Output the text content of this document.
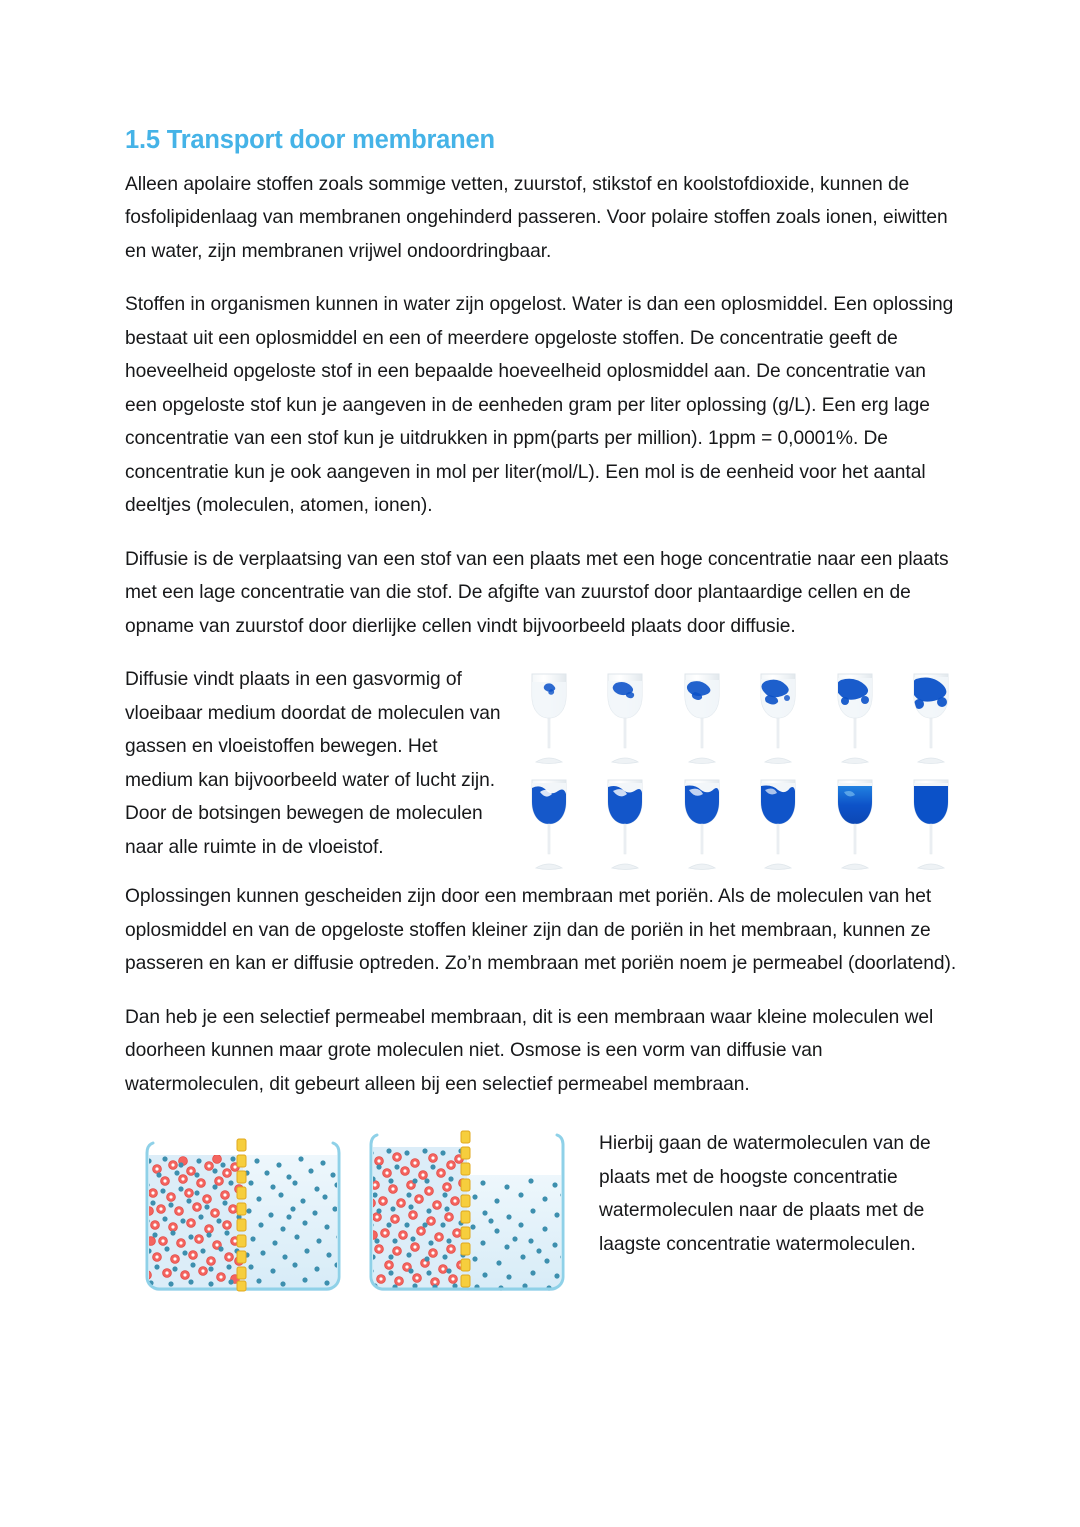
1.5 Transport door membranen

Alleen apolaire stoffen zoals sommige vetten, zuurstof, stikstof en koolstofdioxide, kunnen de fosfolipidenlaag van membranen ongehinderd passeren. Voor polaire stoffen zoals ionen, eiwitten en water, zijn membranen vrijwel ondoordringbaar.

Stoffen in organismen kunnen in water zijn opgelost. Water is dan een oplosmiddel. Een oplossing bestaat uit een oplosmiddel en een of meerdere opgeloste stoffen. De concentratie geeft de hoeveelheid opgeloste stof in een bepaalde hoeveelheid oplosmiddel aan. De concentratie van een opgeloste stof kun je aangeven in de eenheden gram per liter oplossing (g/L). Een erg lage concentratie van een stof kun je uitdrukken in ppm(parts per million). 1ppm = 0,0001%. De concentratie kun je ook aangeven in mol per liter(mol/L). Een mol is de eenheid voor het aantal deeltjes (moleculen, atomen, ionen).

Diffusie is de verplaatsing van een stof van een plaats met een hoge concentratie naar een plaats met een lage concentratie van die stof. De afgifte van zuurstof door plantaardige cellen en de opname van zuurstof door dierlijke cellen vindt bijvoorbeeld plaats door diffusie.

Diffusie vindt plaats in een gasvormig of vloeibaar medium doordat de moleculen van gassen en vloeistoffen bewegen. Het medium kan bijvoorbeeld water of lucht zijn. Door de botsingen bewegen de moleculen naar alle ruimte in de vloeistof.

Oplossingen kunnen gescheiden zijn door een membraan met poriën. Als de moleculen van het oplosmiddel en van de opgeloste stoffen kleiner zijn dan de poriën in het membraan, kunnen ze passeren en kan er diffusie optreden. Zo’n membraan met poriën noem je permeabel (doorlatend).

Dan heb je een selectief permeabel membraan, dit is een membraan waar kleine moleculen wel doorheen kunnen maar grote moleculen niet. Osmose is een vorm van diffusie van watermoleculen, dit gebeurt alleen bij een selectief permeabel membraan.

Hierbij gaan de watermoleculen van de plaats met de hoogste concentratie watermoleculen naar de plaats met de laagste concentratie watermoleculen.
